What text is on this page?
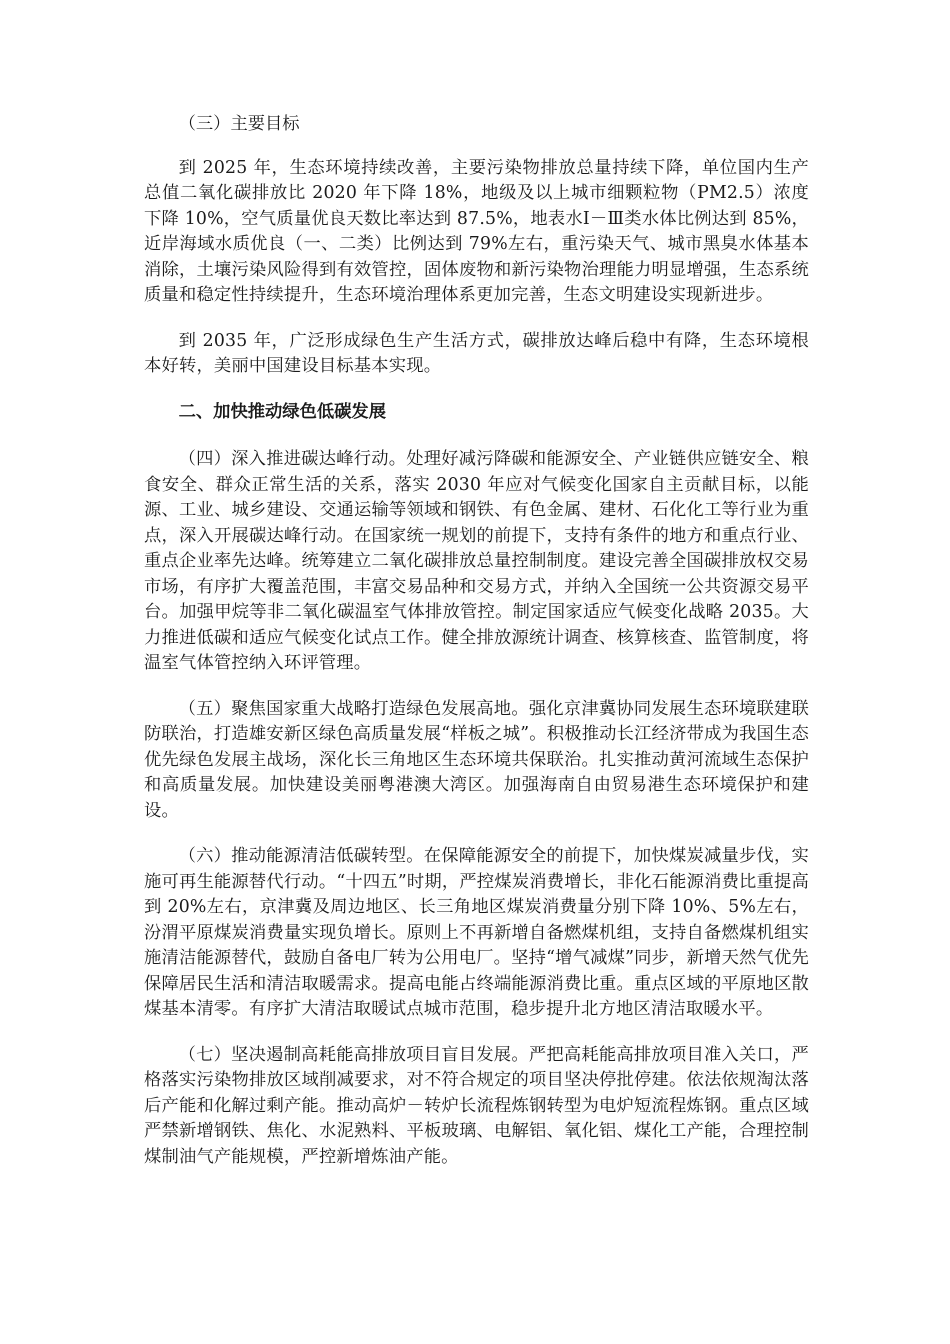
（三）主要目标

到 2025 年，生态环境持续改善，主要污染物排放总量持续下降，单位国内生产总值二氧化碳排放比 2020 年下降 18%，地级及以上城市细颗粒物（PM2.5）浓度下降 10%，空气质量优良天数比率达到 87.5%，地表水Ⅰ－Ⅲ类水体比例达到 85%，近岸海域水质优良（一、二类）比例达到 79%左右，重污染天气、城市黑臭水体基本消除，土壤污染风险得到有效管控，固体废物和新污染物治理能力明显增强，生态系统质量和稳定性持续提升，生态环境治理体系更加完善，生态文明建设实现新进步。

到 2035 年，广泛形成绿色生产生活方式，碳排放达峰后稳中有降，生态环境根本好转，美丽中国建设目标基本实现。

二、加快推动绿色低碳发展

（四）深入推进碳达峰行动。处理好减污降碳和能源安全、产业链供应链安全、粮食安全、群众正常生活的关系，落实 2030 年应对气候变化国家自主贡献目标，以能源、工业、城乡建设、交通运输等领域和钢铁、有色金属、建材、石化化工等行业为重点，深入开展碳达峰行动。在国家统一规划的前提下，支持有条件的地方和重点行业、重点企业率先达峰。统筹建立二氧化碳排放总量控制制度。建设完善全国碳排放权交易市场，有序扩大覆盖范围，丰富交易品种和交易方式，并纳入全国统一公共资源交易平台。加强甲烷等非二氧化碳温室气体排放管控。制定国家适应气候变化战略 2035。大力推进低碳和适应气候变化试点工作。健全排放源统计调查、核算核查、监管制度，将温室气体管控纳入环评管理。

（五）聚焦国家重大战略打造绿色发展高地。强化京津冀协同发展生态环境联建联防联治，打造雄安新区绿色高质量发展“样板之城”。积极推动长江经济带成为我国生态优先绿色发展主战场，深化长三角地区生态环境共保联治。扎实推动黄河流域生态保护和高质量发展。加快建设美丽粤港澳大湾区。加强海南自由贸易港生态环境保护和建设。

（六）推动能源清洁低碳转型。在保障能源安全的前提下，加快煤炭减量步伐，实施可再生能源替代行动。“十四五”时期，严控煤炭消费增长，非化石能源消费比重提高到 20%左右，京津冀及周边地区、长三角地区煤炭消费量分别下降 10%、5%左右，汾渭平原煤炭消费量实现负增长。原则上不再新增自备燃煤机组，支持自备燃煤机组实施清洁能源替代，鼓励自备电厂转为公用电厂。坚持“增气减煤”同步，新增天然气优先保障居民生活和清洁取暖需求。提高电能占终端能源消费比重。重点区域的平原地区散煤基本清零。有序扩大清洁取暖试点城市范围，稳步提升北方地区清洁取暖水平。

（七）坚决遏制高耗能高排放项目盲目发展。严把高耗能高排放项目准入关口，严格落实污染物排放区域削减要求，对不符合规定的项目坚决停批停建。依法依规淘汰落后产能和化解过剩产能。推动高炉－转炉长流程炼钢转型为电炉短流程炼钢。重点区域严禁新增钢铁、焦化、水泥熟料、平板玻璃、电解铝、氧化铝、煤化工产能，合理控制煤制油气产能规模，严控新增炼油产能。
